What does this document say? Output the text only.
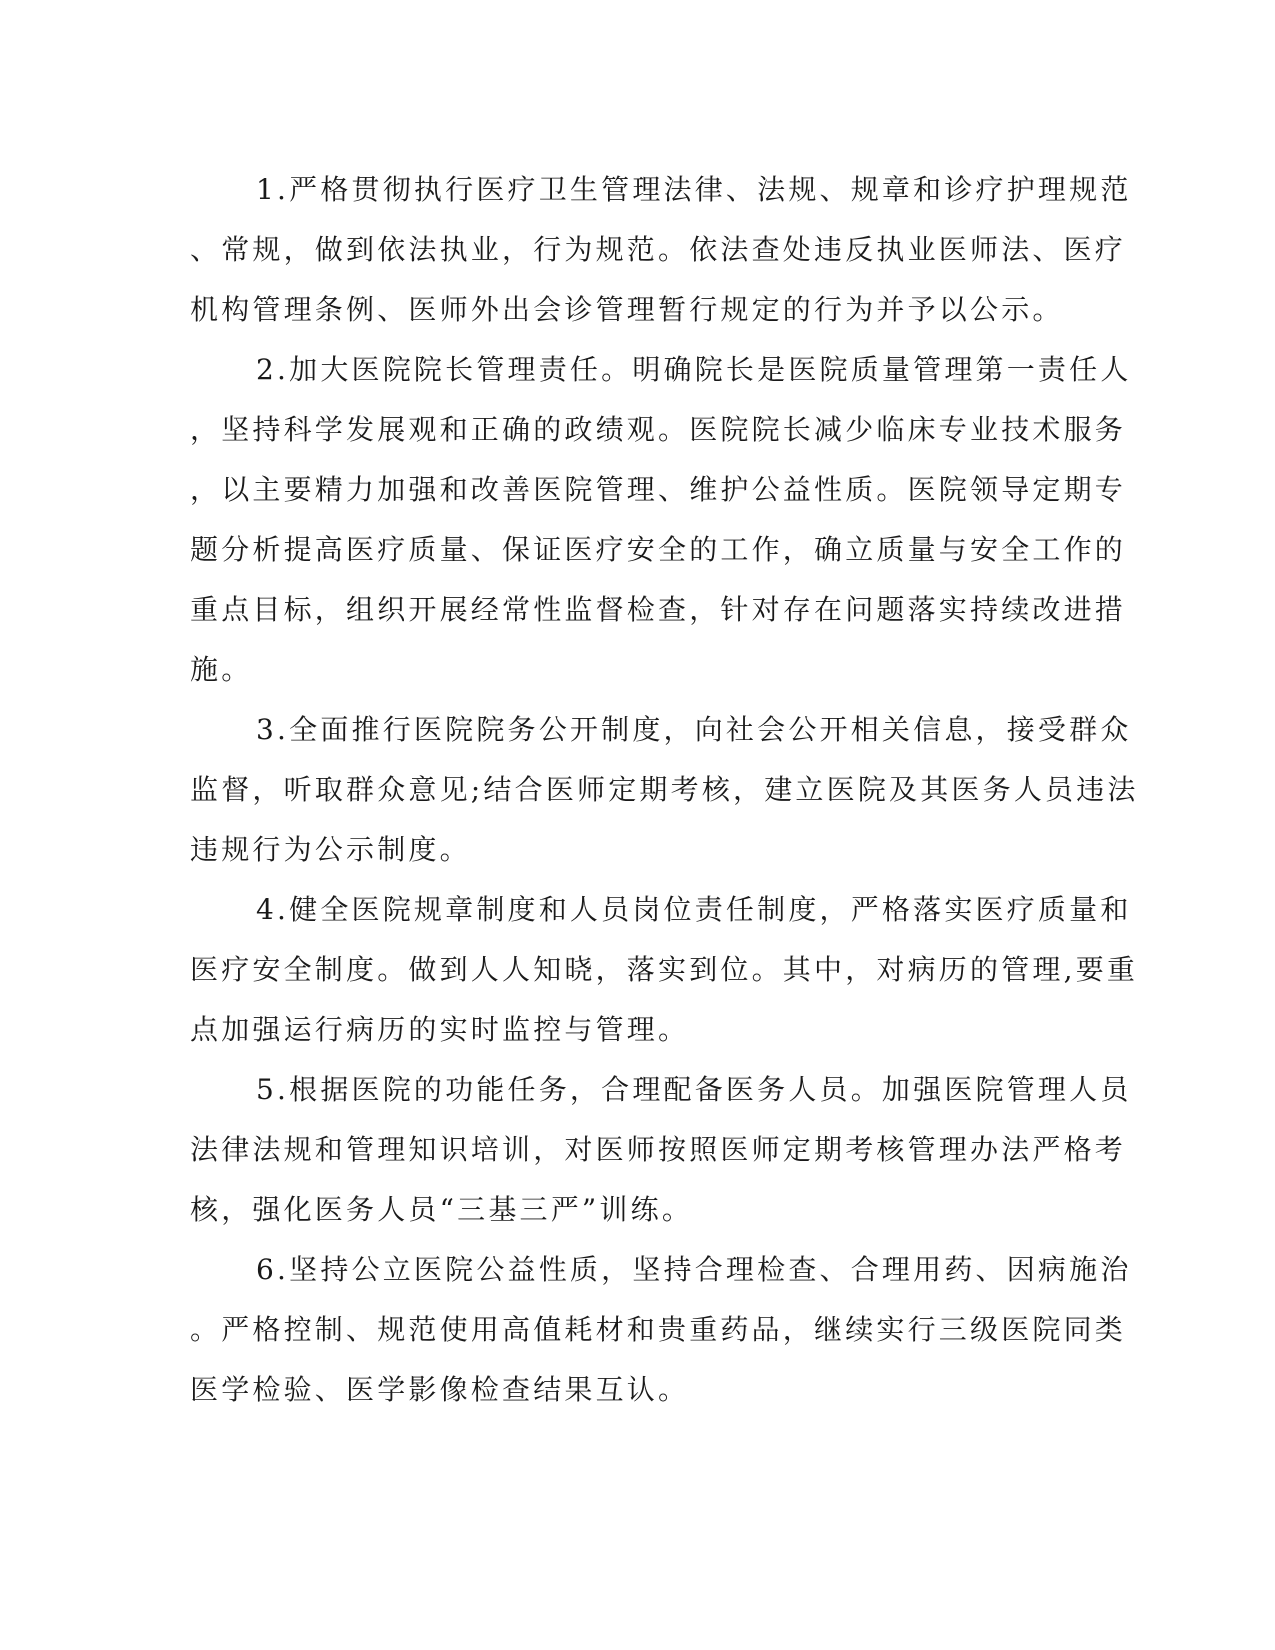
1.严格贯彻执行医疗卫生管理法律、法规、规章和诊疗护理规范
、常规，做到依法执业，行为规范。依法查处违反执业医师法、医疗
机构管理条例、医师外出会诊管理暂行规定的行为并予以公示。
2.加大医院院长管理责任。明确院长是医院质量管理第一责任人
，坚持科学发展观和正确的政绩观。医院院长减少临床专业技术服务
，以主要精力加强和改善医院管理、维护公益性质。医院领导定期专
题分析提高医疗质量、保证医疗安全的工作，确立质量与安全工作的
重点目标，组织开展经常性监督检查，针对存在问题落实持续改进措
施。
3.全面推行医院院务公开制度，向社会公开相关信息，接受群众
监督，听取群众意见;结合医师定期考核，建立医院及其医务人员违法
违规行为公示制度。
4.健全医院规章制度和人员岗位责任制度，严格落实医疗质量和
医疗安全制度。做到人人知晓，落实到位。其中，对病历的管理,要重
点加强运行病历的实时监控与管理。
5.根据医院的功能任务，合理配备医务人员。加强医院管理人员
法律法规和管理知识培训，对医师按照医师定期考核管理办法严格考
核，强化医务人员“三基三严”训练。
6.坚持公立医院公益性质，坚持合理检查、合理用药、因病施治
。严格控制、规范使用高值耗材和贵重药品，继续实行三级医院同类
医学检验、医学影像检查结果互认。
